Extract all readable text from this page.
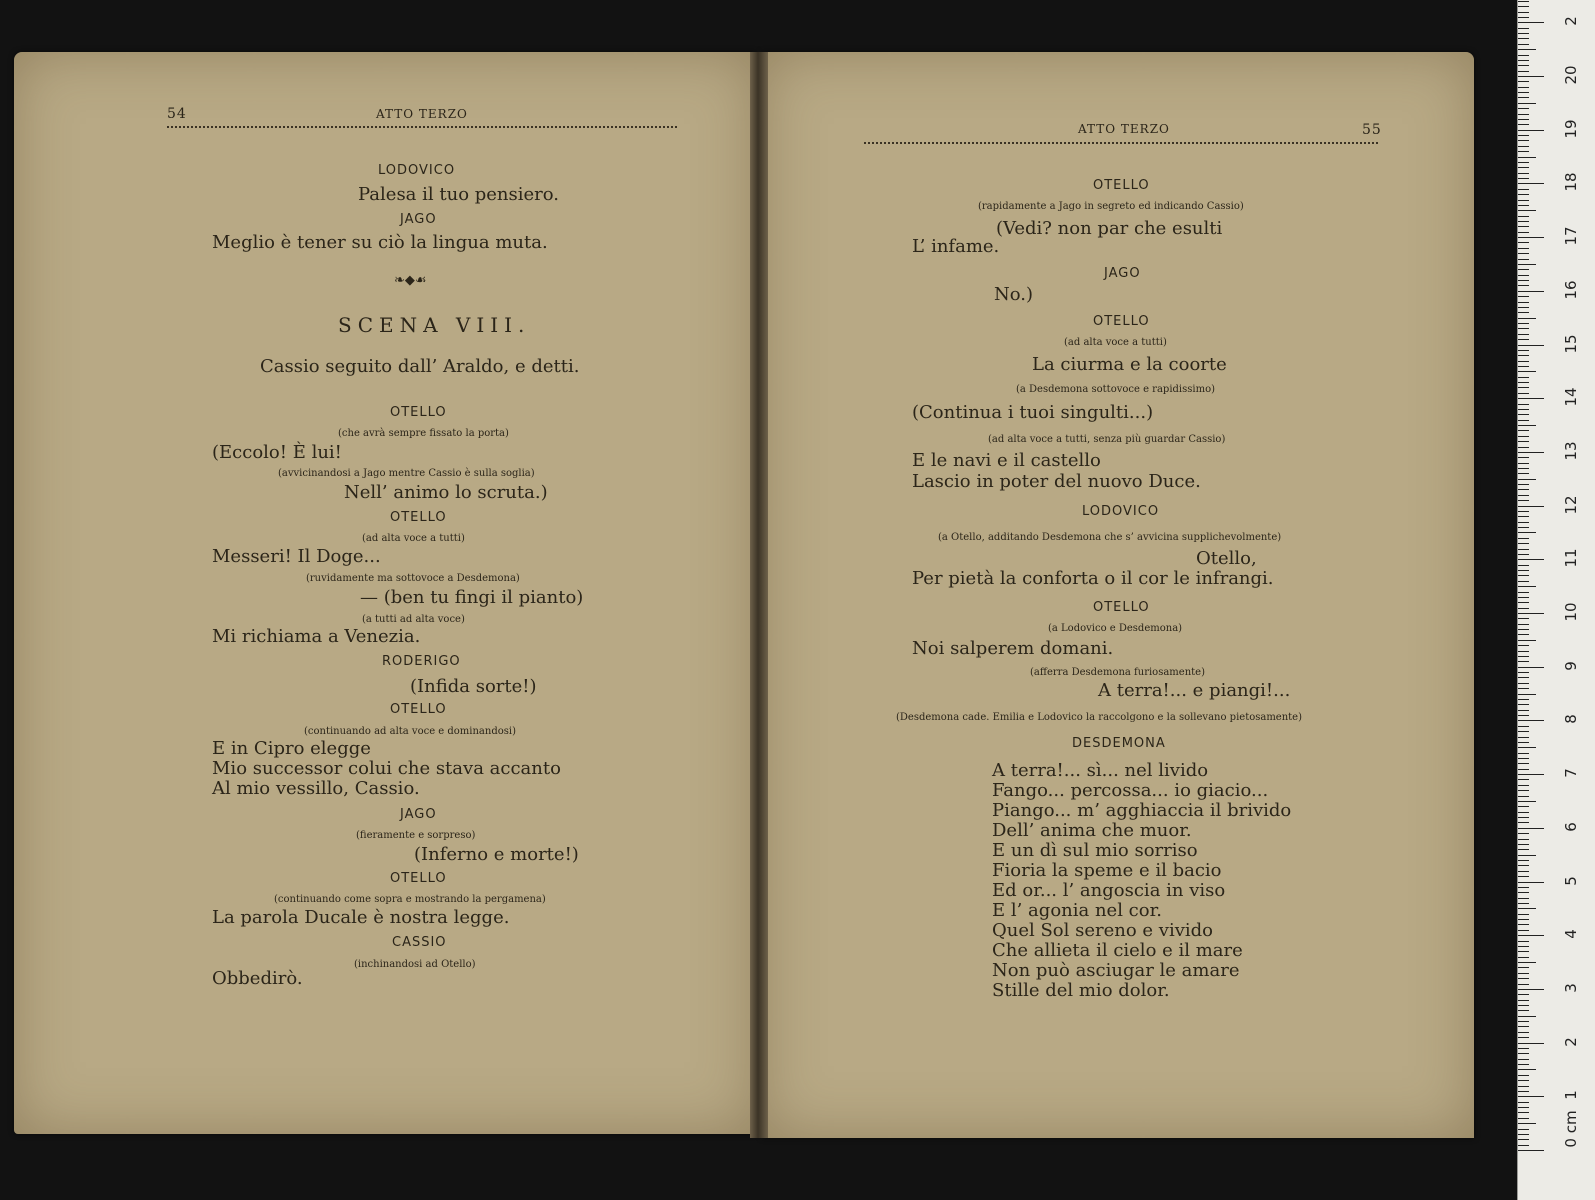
54	ATTO TERZO
❧◆☙
ATTO TERZO	55
LODOVICO
Palesa il tuo pensiero.
JAGO
Meglio è tener su ciò la lingua muta.
SCENA VIII.
Cassio seguito dall’ Araldo, e detti.
OTELLO
(che avrà sempre fissato la porta)
(Eccolo! È lui!
(avvicinandosi a Jago mentre Cassio è sulla soglia)
Nell’ animo lo scruta.)
OTELLO
(ad alta voce a tutti)
Messeri! Il Doge...
(ruvidamente ma sottovoce a Desdemona)
— (ben tu fingi il pianto)
(a tutti ad alta voce)
Mi richiama a Venezia.
RODERIGO
(Infida sorte!)
OTELLO
(continuando ad alta voce e dominandosi)
E in Cipro elegge
Mio successor colui che stava accanto
Al mio vessillo, Cassio.
JAGO
(fieramente e sorpreso)
(Inferno e morte!)
OTELLO
(continuando come sopra e mostrando la pergamena)
La parola Ducale è nostra legge.
CASSIO
(inchinandosi ad Otello)
Obbedirò.
OTELLO
(rapidamente a Jago in segreto ed indicando Cassio)
(Vedi? non par che esulti
L’ infame.
JAGO
No.)
OTELLO
(ad alta voce a tutti)
La ciurma e la coorte
(a Desdemona sottovoce e rapidissimo)
(Continua i tuoi singulti...)
(ad alta voce a tutti, senza più guardar Cassio)
E le navi e il castello
Lascio in poter del nuovo Duce.
LODOVICO
(a Otello, additando Desdemona che s’ avvicina supplichevolmente)
Otello,
Per pietà la conforta o il cor le infrangi.
OTELLO
(a Lodovico e Desdemona)
Noi salperem domani.
(afferra Desdemona furiosamente)
A terra!... e piangi!...
(Desdemona cade. Emilia e Lodovico la raccolgono e la sollevano pietosamente)
DESDEMONA
A terra!... sì... nel livido
Fango... percossa... io giacio...
Piango... m’ agghiaccia il brivido
Dell’ anima che muor.
E un dì sul mio sorriso
Fioria la speme e il bacio
Ed or... l’ angoscia in viso
E l’ agonia nel cor.
Quel Sol sereno e vivido
Che allieta il cielo e il mare
Non può asciugar le amare
Stille del mio dolor.
0 cm
1
2
3
4
5
6
7
8
9
10
11
12
13
14
15
16
17
18
19
20
2
